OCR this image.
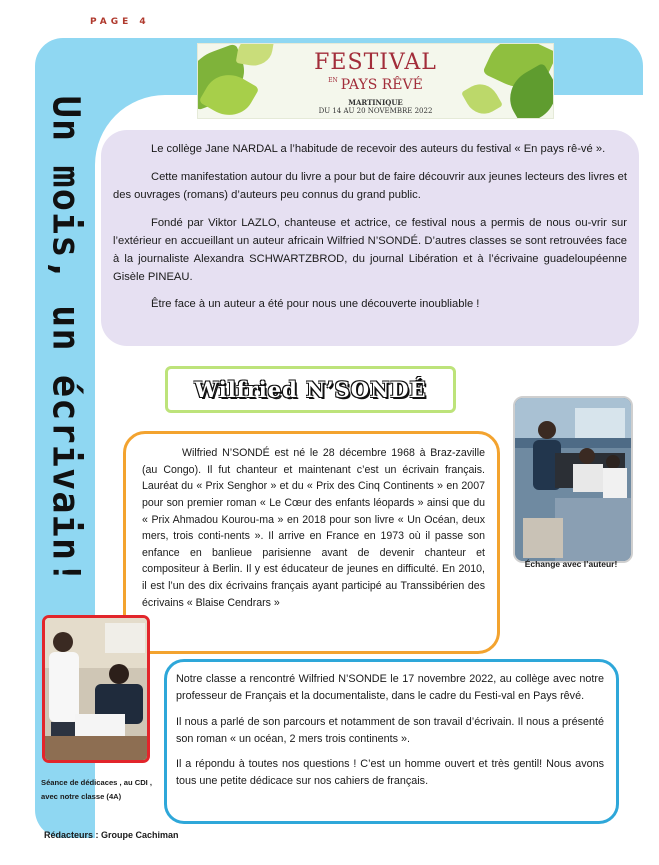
PAGE 4
Un mois, un écrivain!
FESTIVAL
$^{EN}$ PAYS RÊVÉ
MARTINIQUE
DU 14 AU 20 NOVEMBRE 2022

Le collège Jane NARDAL a l’habitude de recevoir des auteurs du festival « En pays rê-vé ».

Cette manifestation autour du livre a pour but de faire découvrir aux jeunes lecteurs des livres et des ouvrages (romans) d’auteurs peu connus du grand public.

Fondé par Viktor LAZLO, chanteuse et actrice, ce festival nous a permis de nous ou-vrir sur l’extérieur en accueillant un auteur africain Wilfried N’SONDÉ. D’autres classes se sont retrouvées face à la journaliste Alexandra SCHWARTZBROD, du journal Libération et à l’écrivaine guadeloupéenne Gisèle PINEAU.

Être face à un auteur a été pour nous une découverte inoubliable !

Wilfried N’SONDÉ
Échange avec l’auteur!

Wilfried N’SONDÉ est né le 28 décembre 1968 à Braz-zaville (au Congo). Il fut chanteur et maintenant c’est un écrivain français. Lauréat du « Prix Senghor » et du « Prix des Cinq Continents » en 2007 pour son premier roman « Le Cœur des enfants léopards » ainsi que du « Prix Ahmadou Kourou-ma » en 2018 pour son livre « Un Océan, deux mers, trois conti-nents ». Il arrive en France en 1973 où il passe son enfance en banlieue parisienne avant de devenir chanteur et compositeur à Berlin. Il y est éducateur de jeunes en difficulté. En 2010, il est l’un des dix écrivains français ayant participé au Transsibérien des écrivains « Blaise Cendrars »

Séance de dédicaces , au CDI , avec notre classe (4A)

Notre classe a rencontré Wilfried N’SONDE le 17 novembre 2022, au collège avec notre professeur de Français et la documentaliste, dans le cadre du Festi-val en Pays rêvé.

Il nous a parlé de son parcours et notamment de son travail d’écrivain. Il nous a présenté son roman « un océan, 2 mers trois continents ».

Il a répondu à toutes nos questions ! C’est un homme ouvert et très gentil! Nous avons tous une petite dédicace sur nos cahiers de français.

Rédacteurs : Groupe Cachiman
